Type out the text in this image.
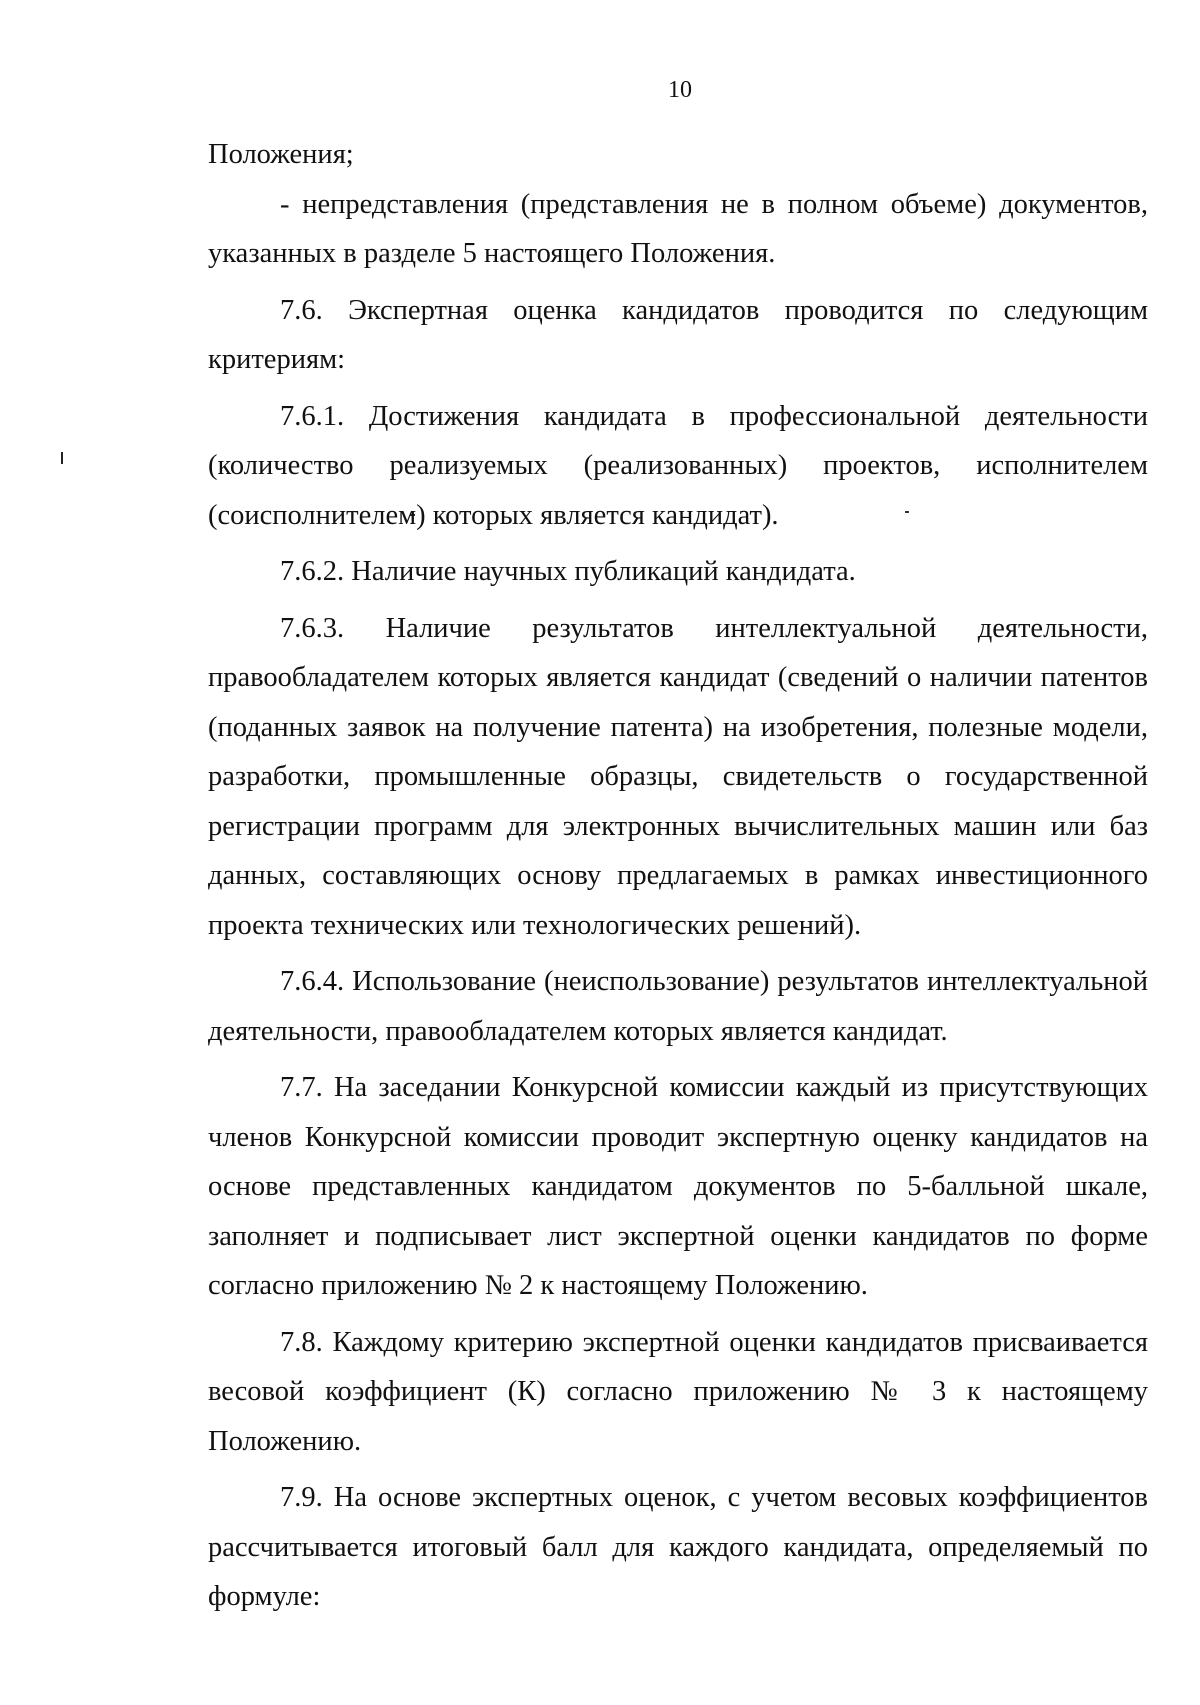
10

Положения;

- непредставления (представления не в полном объеме) документов, указанных в разделе 5 настоящего Положения.

7.6. Экспертная оценка кандидатов проводится по следующим критериям:

7.6.1. Достижения кандидата в профессиональной деятельности (количество реализуемых (реализованных) проектов, исполнителем (соисполнителем) которых является кандидат).

7.6.2. Наличие научных публикаций кандидата.

7.6.3. Наличие результатов интеллектуальной деятельности, правообладателем которых является кандидат (сведений о наличии патентов (поданных заявок на получение патента) на изобретения, полезные модели, разработки, промышленные образцы, свидетельств о государственной регистрации программ для электронных вычислительных машин или баз данных, составляющих основу предлагаемых в рамках инвестиционного проекта технических или технологических решений).

7.6.4. Использование (неиспользование) результатов интеллектуальной деятельности, правообладателем которых является кандидат.

7.7. На заседании Конкурсной комиссии каждый из присутствующих членов Конкурсной комиссии проводит экспертную оценку кандидатов на основе представленных кандидатом документов по 5-балльной шкале, заполняет и подписывает лист экспертной оценки кандидатов по форме согласно приложению № 2 к настоящему Положению.

7.8. Каждому критерию экспертной оценки кандидатов присваивается весовой коэффициент (К) согласно приложению № 3 к настоящему Положению.

7.9. На основе экспертных оценок, с учетом весовых коэффициентов рассчитывается итоговый балл для каждого кандидата, определяемый по формуле:
